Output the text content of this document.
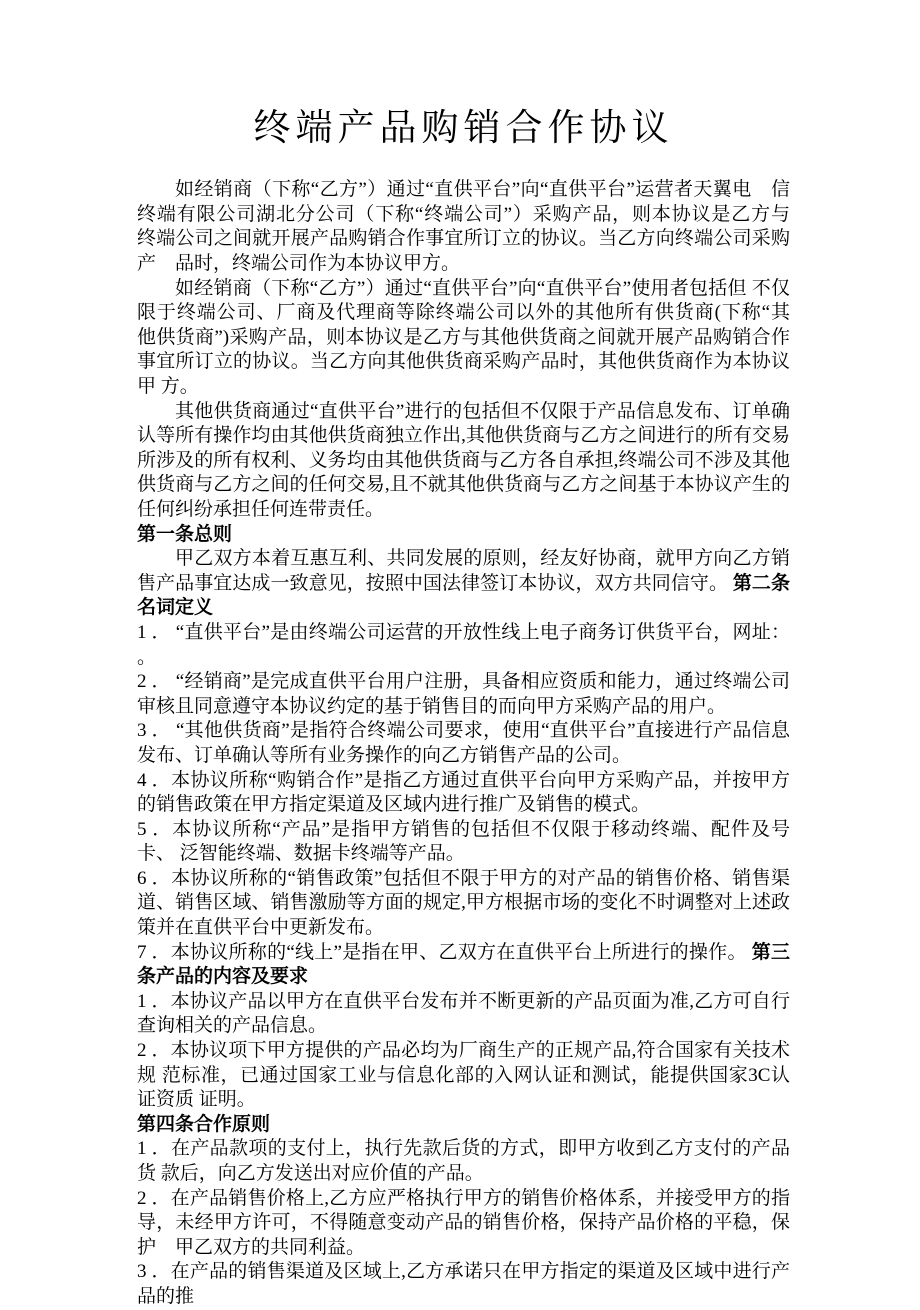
终端产品购销合作协议

如经销商（下称“乙方”）通过“直供平台”向“直供平台”运营者天翼电　信终端有限公司湖北分公司（下称“终端公司”）采购产品，则本协议是乙方与　终端公司之间就开展产品购销合作事宜所订立的协议。当乙方向终端公司采购产　品时，终端公司作为本协议甲方。

如经销商（下称“乙方”）通过“直供平台”向“直供平台”使用者包括但 不仅限于终端公司、厂商及代理商等除终端公司以外的其他所有供货商(下称“其　　他供货商”)采购产品，则本协议是乙方与其他供货商之间就开展产品购销合作 事宜所订立的协议。当乙方向其他供货商采购产品时，其他供货商作为本协议甲 方。

其他供货商通过“直供平台”进行的包括但不仅限于产品信息发布、订单确 认等所有操作均由其他供货商独立作出,其他供货商与乙方之间进行的所有交易 所涉及的所有权利、义务均由其他供货商与乙方各自承担,终端公司不涉及其他　供货商与乙方之间的任何交易,且不就其他供货商与乙方之间基于本协议产生的 任何纠纷承担任何连带责任。

第一条总则

甲乙双方本着互惠互利、共同发展的原则，经友好协商，就甲方向乙方销 售产品事宜达成一致意见，按照中国法律签订本协议，双方共同信守。 第二条名词定义

1 ． “直供平台”是由终端公司运营的开放性线上电子商务订供货平台，网址： 。

2 ． “经销商”是完成直供平台用户注册，具备相应资质和能力，通过终端公司 审核且同意遵守本协议约定的基于销售目的而向甲方采购产品的用户。

3 ． “其他供货商”是指符合终端公司要求，使用“直供平台”直接进行产品信息 发布、订单确认等所有业务操作的向乙方销售产品的公司。

4 ．本协议所称“购销合作”是指乙方通过直供平台向甲方采购产品，并按甲方 的销售政策在甲方指定渠道及区域内进行推广及销售的模式。

5 ．本协议所称“产品”是指甲方销售的包括但不仅限于移动终端、配件及号卡、 泛智能终端、数据卡终端等产品。

6 ．本协议所称的“销售政策”包括但不限于甲方的对产品的销售价格、销售渠 道、销售区域、销售激励等方面的规定,甲方根据市场的变化不时调整对上述政　策并在直供平台中更新发布。

7 ．本协议所称的“线上”是指在甲、乙双方在直供平台上所进行的操作。 第三条产品的内容及要求

1 ．本协议产品以甲方在直供平台发布并不断更新的产品页面为准,乙方可自行 查询相关的产品信息。

2 ．本协议项下甲方提供的产品必均为厂商生产的正规产品,符合国家有关技术规 范标准，已通过国家工业与信息化部的入网认证和测试，能提供国家3C认证资质 证明。

第四条合作原则

1 ．在产品款项的支付上，执行先款后货的方式，即甲方收到乙方支付的产品货 款后，向乙方发送出对应价值的产品。

2 ．在产品销售价格上,乙方应严格执行甲方的销售价格体系，并接受甲方的指 导，未经甲方许可，不得随意变动产品的销售价格，保持产品价格的平稳，保护　甲乙双方的共同利益。

3 ．在产品的销售渠道及区域上,乙方承诺只在甲方指定的渠道及区域中进行产 品的推
